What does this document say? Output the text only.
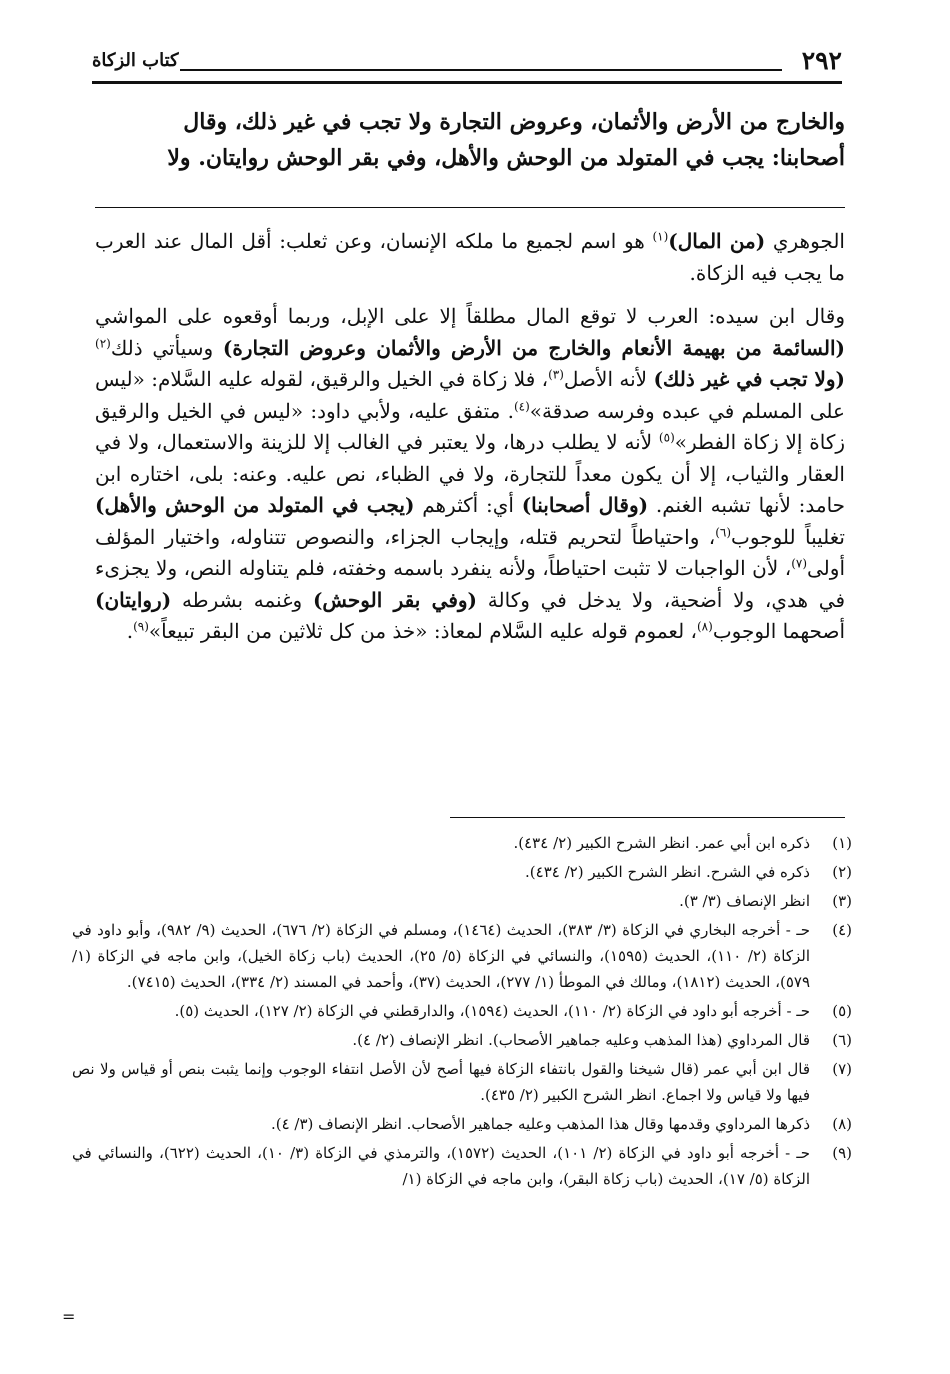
٢٩٢
كتاب الزكاة

والخارج من الأرض والأثمان، وعروض التجارة ولا تجب في غير ذلك، وقال

أصحابنا: يجب في المتولد من الوحش والأهل، وفي بقر الوحش روايتان. ولا

الجوهري (من المال)$^{(١)}$ هو اسم لجميع ما ملكه الإنسان، وعن ثعلب: أقل المال عند العرب ما يجب فيه الزكاة.

وقال ابن سيده: العرب لا توقع المال مطلقاً إلا على الإبل، وربما أوقعوه على المواشي (السائمة من بهيمة الأنعام والخارج من الأرض والأثمان وعروض التجارة) وسيأتي ذلك$^{(٢)}$ (ولا تجب في غير ذلك) لأنه الأصل$^{(٣)}$، فلا زكاة في الخيل والرقيق، لقوله عليه السَّلام: «ليس على المسلم في عبده وفرسه صدقة»$^{(٤)}$. متفق عليه، ولأبي داود: «ليس في الخيل والرقيق زكاة إلا زكاة الفطر»$^{(٥)}$ لأنه لا يطلب درها، ولا يعتبر في الغالب إلا للزينة والاستعمال، ولا في العقار والثياب، إلا أن يكون معداً للتجارة، ولا في الظباء، نص عليه. وعنه: بلى، اختاره ابن حامد: لأنها تشبه الغنم. (وقال أصحابنا) أي: أكثرهم (يجب في المتولد من الوحش والأهل) تغليباً للوجوب$^{(٦)}$، واحتياطاً لتحريم قتله، وإيجاب الجزاء، والنصوص تتناوله، واختيار المؤلف أولى$^{(٧)}$، لأن الواجبات لا تثبت احتياطاً، ولأنه ينفرد باسمه وخفته، فلم يتناوله النص، ولا يجزىء في هدي، ولا أضحية، ولا يدخل في وكالة (وفي بقر الوحش) وغنمه بشرطه (روايتان) أصحهما الوجوب$^{(٨)}$، لعموم قوله عليه السَّلام لمعاذ: «خذ من كل ثلاثين من البقر تبيعاً»$^{(٩)}$.

(١)
ذكره ابن أبي عمر. انظر الشرح الكبير (٢/ ٤٣٤).
(٢)
ذكره في الشرح. انظر الشرح الكبير (٢/ ٤٣٤).
(٣)
انظر الإنصاف (٣/ ٣).
(٤)
حـ - أخرجه البخاري في الزكاة (٣/ ٣٨٣)، الحديث (١٤٦٤)، ومسلم في الزكاة (٢/ ٦٧٦)، الحديث (٩/ ٩٨٢)، وأبو داود في الزكاة (٢/ ١١٠)، الحديث (١٥٩٥)، والنسائي في الزكاة (٥/ ٢٥)، الحديث (باب زكاة الخيل)، وابن ماجه في الزكاة (١/ ٥٧٩)، الحديث (١٨١٢)، ومالك في الموطأ (١/ ٢٧٧)، الحديث (٣٧)، وأحمد في المسند (٢/ ٣٣٤)، الحديث (٧٤١٥).
(٥)
حـ - أخرجه أبو داود في الزكاة (٢/ ١١٠)، الحديث (١٥٩٤)، والدارقطني في الزكاة (٢/ ١٢٧)، الحديث (٥).
(٦)
قال المرداوي (هذا المذهب وعليه جماهير الأصحاب). انظر الإنصاف (٢/ ٤).
(٧)
قال ابن أبي عمر (قال شيخنا والقول بانتفاء الزكاة فيها أصح لأن الأصل انتفاء الوجوب وإنما يثبت بنص أو قياس ولا نص فيها ولا قياس ولا اجماع. انظر الشرح الكبير (٢/ ٤٣٥).
(٨)
ذكرها المرداوي وقدمها وقال هذا المذهب وعليه جماهير الأصحاب. انظر الإنصاف (٣/ ٤).
(٩)
حـ - أخرجه أبو داود في الزكاة (٢/ ١٠١)، الحديث (١٥٧٢)، والترمذي في الزكاة (٣/ ١٠)، الحديث (٦٢٢)، والنسائي في الزكاة (٥/ ١٧)، الحديث (باب زكاة البقر)، وابن ماجه في الزكاة (١/
=
